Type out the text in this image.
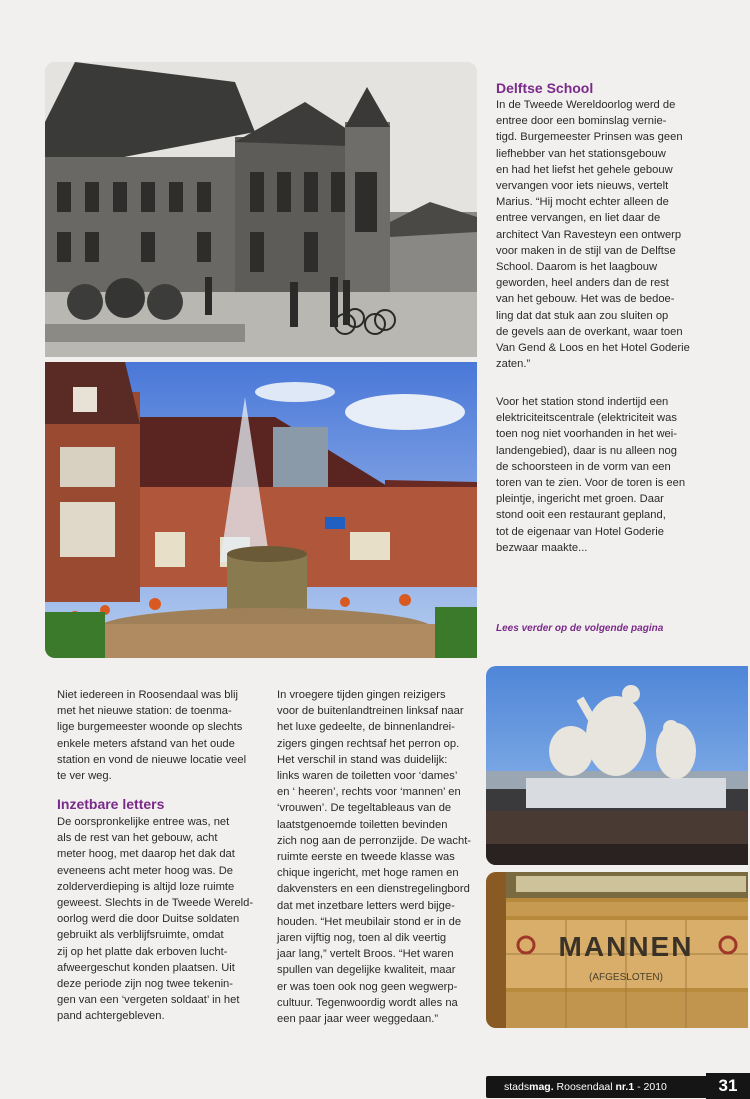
MANNEN
(AFGESLOTEN)
Delftse School

In de Tweede Wereldoorlog werd de
entree door een bominslag vernie-
tigd. Burgemeester Prinsen was geen
liefhebber van het stationsgebouw
en had het liefst het gehele gebouw
vervangen voor iets nieuws, vertelt
Marius. “Hij mocht echter alleen de
entree vervangen, en liet daar de
architect Van Ravesteyn een ontwerp
voor maken in de stijl van de Delftse
School. Daarom is het laagbouw
geworden, heel anders dan de rest
van het gebouw. Het was de bedoe-
ling dat dat stuk aan zou sluiten op
de gevels aan de overkant, waar toen
Van Gend & Loos en het Hotel Goderie
zaten.”

Voor het station stond indertijd een
elektriciteitscentrale (elektriciteit was
toen nog niet voorhanden in het wei-
landengebied), daar is nu alleen nog
de schoorsteen in de vorm van een
toren van te zien. Voor de toren is een
pleintje, ingericht met groen. Daar
stond ooit een restaurant gepland,
tot de eigenaar van Hotel Goderie
bezwaar maakte...

Lees verder op de volgende pagina

Niet iedereen in Roosendaal was blij
met het nieuwe station: de toenma-
lige burgemeester woonde op slechts
enkele meters afstand van het oude
station en vond de nieuwe locatie veel
te ver weg.

Inzetbare letters

De oorspronkelijke entree was, net
als de rest van het gebouw, acht
meter hoog, met daarop het dak dat
eveneens acht meter hoog was. De
zolderverdieping is altijd loze ruimte
geweest. Slechts in de Tweede Wereld-
oorlog werd die door Duitse soldaten
gebruikt als verblijfsruimte, omdat
zij op het platte dak erboven lucht-
afweergeschut konden plaatsen. Uit
deze periode zijn nog twee tekenin-
gen van een ‘vergeten soldaat’ in het
pand achtergebleven.

In vroegere tijden gingen reizigers
voor de buitenlandtreinen linksaf naar
het luxe gedeelte, de binnenlandrei-
zigers gingen rechtsaf het perron op.
Het verschil in stand was duidelijk:
links waren de toiletten voor ‘dames’
en ‘ heeren’, rechts voor ‘mannen’ en
‘vrouwen’. De tegeltableaus van de
laatstgenoemde toiletten bevinden
zich nog aan de perronzijde. De wacht-
ruimte eerste en tweede klasse was
chique ingericht, met hoge ramen en
dakvensters en een dienstregelingbord
dat met inzetbare letters werd bijge-
houden. “Het meubilair stond er in de
jaren vijftig nog, toen al dik veertig
jaar lang,” vertelt Broos. “Het waren
spullen van degelijke kwaliteit, maar
er was toen ook nog geen wegwerp-
cultuur. Tegenwoordig wordt alles na
een paar jaar weer weggedaan.”

stads mag. Roosendaal nr.1 - 2010	31
